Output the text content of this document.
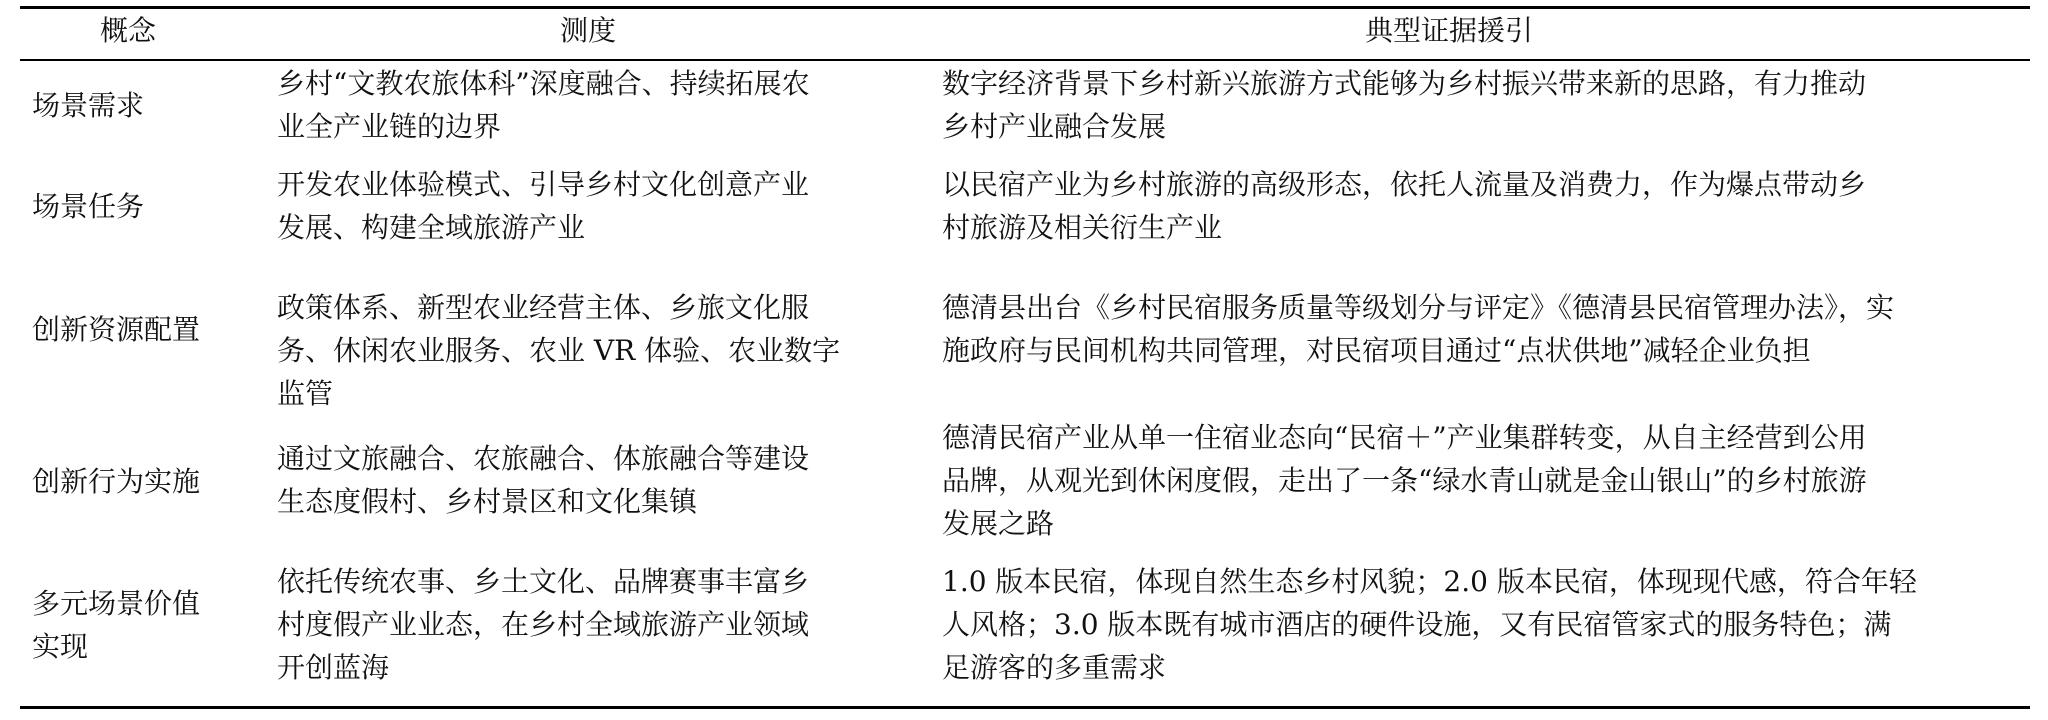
概念	测度	典型证据援引
场景需求
乡村“文教农旅体科”深度融合、持续拓展农
业全产业链的边界
数字经济背景下乡村新兴旅游方式能够为乡村振兴带来新的思路，有力推动
乡村产业融合发展
场景任务
开发农业体验模式、引导乡村文化创意产业
发展、构建全域旅游产业
以民宿产业为乡村旅游的高级形态，依托人流量及消费力，作为爆点带动乡
村旅游及相关衍生产业
创新资源配置
政策体系、新型农业经营主体、乡旅文化服
务、休闲农业服务、农业 VR 体验、农业数字
监管
德清县出台《乡村民宿服务质量等级划分与评定》《德清县民宿管理办法》，实
施政府与民间机构共同管理，对民宿项目通过“点状供地”减轻企业负担
创新行为实施
通过文旅融合、农旅融合、体旅融合等建设
生态度假村、乡村景区和文化集镇
德清民宿产业从单一住宿业态向“民宿＋”产业集群转变，从自主经营到公用
品牌，从观光到休闲度假，走出了一条“绿水青山就是金山银山”的乡村旅游
发展之路
多元场景价值
实现
依托传统农事、乡土文化、品牌赛事丰富乡
村度假产业业态，在乡村全域旅游产业领域
开创蓝海
1.0 版本民宿，体现自然生态乡村风貌；2.0 版本民宿，体现现代感，符合年轻
人风格；3.0 版本既有城市酒店的硬件设施，又有民宿管家式的服务特色；满
足游客的多重需求
